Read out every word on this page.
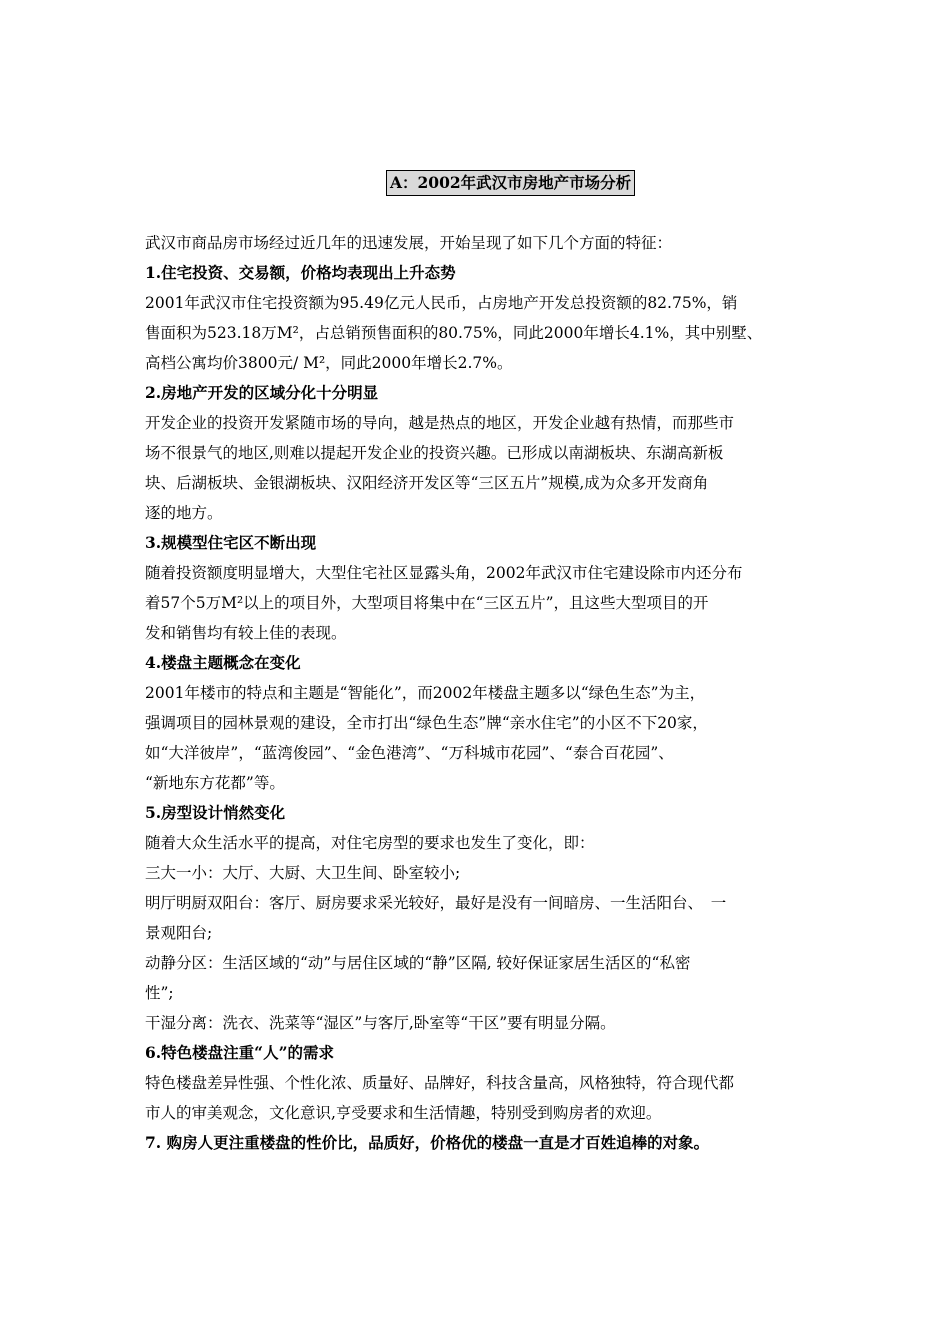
A：2002年武汉市房地产市场分析
武汉市商品房市场经过近几年的迅速发展，开始呈现了如下几个方面的特征：
1.住宅投资、交易额，价格均表现出上升态势
2001年武汉市住宅投资额为95.49亿元人民币，占房地产开发总投资额的82.75%，销
售面积为523.18万M²，占总销预售面积的80.75%，同此2000年增长4.1%，其中别墅、
高档公寓均价3800元/ M²，同此2000年增长2.7%。
2.房地产开发的区域分化十分明显
开发企业的投资开发紧随市场的导向，越是热点的地区，开发企业越有热情，而那些市
场不很景气的地区,则难以提起开发企业的投资兴趣。已形成以南湖板块、东湖高新板
块、后湖板块、金银湖板块、汉阳经济开发区等“三区五片”规模,成为众多开发商角
逐的地方。
3.规模型住宅区不断出现
随着投资额度明显增大，大型住宅社区显露头角，2002年武汉市住宅建设除市内还分布
着57个5万M²以上的项目外，大型项目将集中在“三区五片”，且这些大型项目的开
发和销售均有较上佳的表现。
4.楼盘主题概念在变化
2001年楼市的特点和主题是“智能化”，而2002年楼盘主题多以“绿色生态”为主，
强调项目的园林景观的建设，全市打出“绿色生态”牌“亲水住宅”的小区不下20家，
如“大洋彼岸”，“蓝湾俊园”、“金色港湾”、“万科城市花园”、“泰合百花园”、
“新地东方花都”等。
5.房型设计悄然变化
随着大众生活水平的提高，对住宅房型的要求也发生了变化，即：
三大一小：大厅、大厨、大卫生间、卧室较小;
明厅明厨双阳台：客厅、厨房要求采光较好，最好是没有一间暗房、一生活阳台、　一
景观阳台;
动静分区：生活区域的“动”与居住区域的“静”区隔, 较好保证家居生活区的“私密
性”;
干湿分离：洗衣、洗菜等“湿区”与客厅,卧室等“干区”要有明显分隔。
6.特色楼盘注重“人”的需求
特色楼盘差异性强、个性化浓、质量好、品牌好，科技含量高，风格独特，符合现代都
市人的审美观念，文化意识,亨受要求和生活情趣，特别受到购房者的欢迎。
7. 购房人更注重楼盘的性价比，品质好，价格优的楼盘一直是才百姓追棒的对象。
